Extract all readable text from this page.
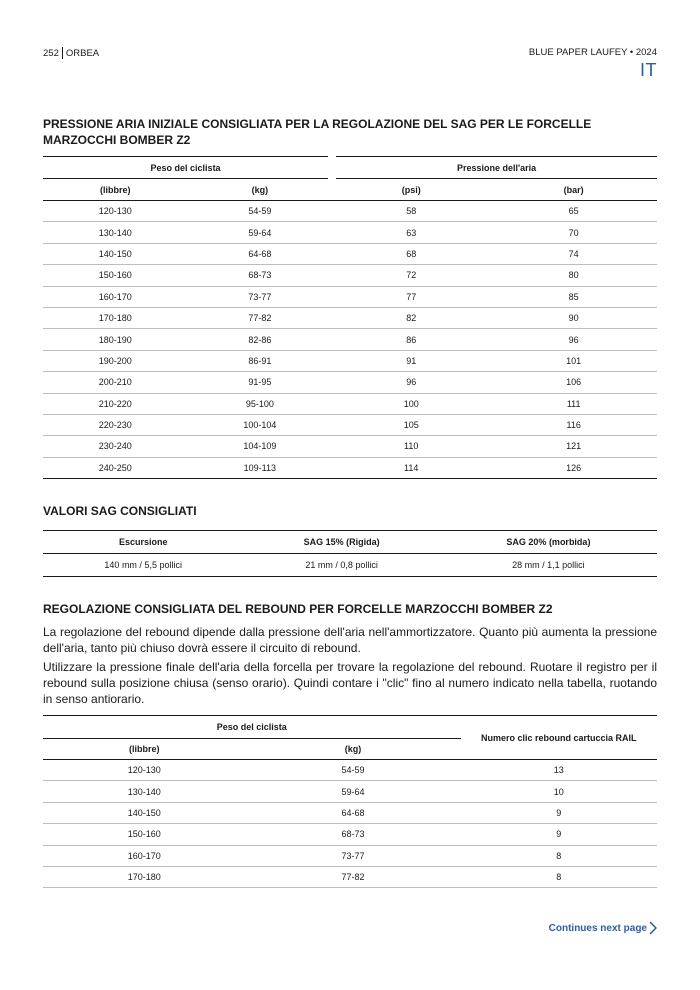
252 ORBEA	BLUE PAPER LAUFEY • 2024
IT
PRESSIONE ARIA INIZIALE CONSIGLIATA PER LA REGOLAZIONE DEL SAG PER LE FORCELLE MARZOCCHI BOMBER Z2
Peso del ciclista		Pressione dell'aria	
(libbre)	(kg)	(psi)	(bar)
120-130	54-59	58	65
130-140	59-64	63	70
140-150	64-68	68	74
150-160	68-73	72	80
160-170	73-77	77	85
170-180	77-82	82	90
180-190	82-86	86	96
190-200	86-91	91	101
200-210	91-95	96	106
210-220	95-100	100	111
220-230	100-104	105	116
230-240	104-109	110	121
240-250	109-113	114	126
VALORI SAG CONSIGLIATI
Escursione	SAG 15% (Rigida)	SAG 20% (morbida)
140 mm / 5,5 pollici	21 mm / 0,8 pollici	28 mm / 1,1 pollici
REGOLAZIONE CONSIGLIATA DEL REBOUND PER FORCELLE MARZOCCHI BOMBER Z2

La regolazione del rebound dipende dalla pressione dell'aria nell'ammortizzatore. Quanto più aumenta la pressione dell'aria, tanto più chiuso dovrà essere il circuito di rebound.

Utilizzare la pressione finale dell'aria della forcella per trovare la regolazione del rebound. Ruotare il registro per il rebound sulla posizione chiusa (senso orario). Quindi contare i "clic" fino al numero indicato nella tabella, ruotando in senso antiorario.

Peso del ciclista		Numero clic rebound cartuccia RAIL
(libbre)	(kg)	
120-130	54-59	13
130-140	59-64	10
140-150	64-68	9
150-160	68-73	9
160-170	73-77	8
170-180	77-82	8
Continues next page
